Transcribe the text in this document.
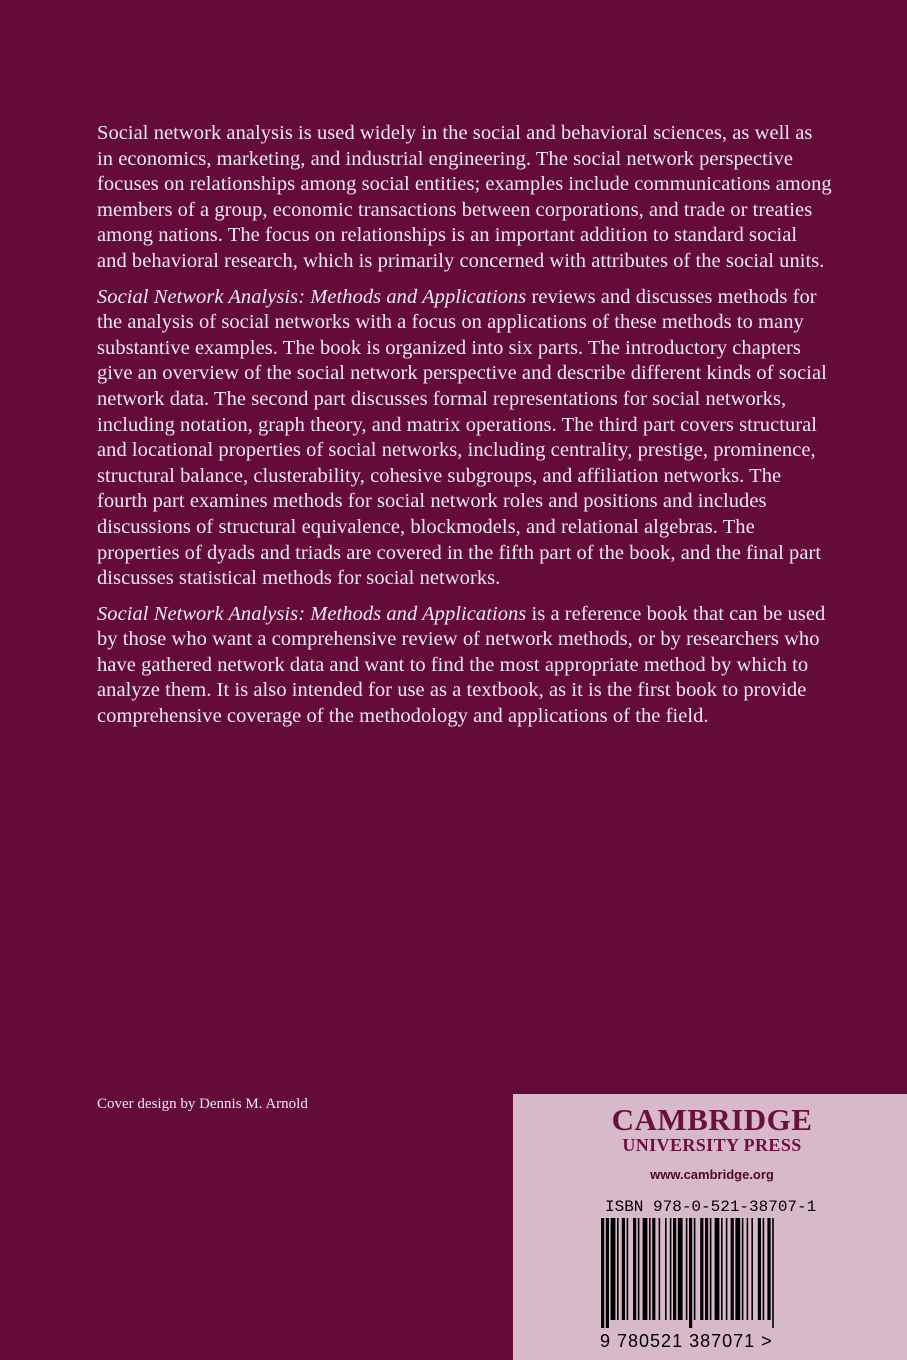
Social network analysis is used widely in the social and behavioral sciences, as well as in economics, marketing, and industrial engineering. The social network perspective focuses on relationships among social entities; examples include communications among members of a group, economic transactions between corporations, and trade or treaties among nations. The focus on relationships is an important addition to standard social and behavioral research, which is primarily concerned with attributes of the social units.

Social Network Analysis: Methods and Applications reviews and discusses methods for the analysis of social networks with a focus on applications of these methods to many substantive examples. The book is organized into six parts. The introductory chapters give an overview of the social network perspective and describe different kinds of social network data. The second part discusses formal representations for social networks, including notation, graph theory, and matrix operations. The third part covers structural and locational properties of social networks, including centrality, prestige, prominence, structural balance, clusterability, cohesive subgroups, and affiliation networks. The fourth part examines methods for social network roles and positions and includes discussions of structural equivalence, blockmodels, and relational algebras. The properties of dyads and triads are covered in the fifth part of the book, and the final part discusses statistical methods for social networks.

Social Network Analysis: Methods and Applications is a reference book that can be used by those who want a comprehensive review of network methods, or by researchers who have gathered network data and want to find the most appropriate method by which to analyze them. It is also intended for use as a textbook, as it is the first book to provide comprehensive coverage of the methodology and applications of the field.

Cover design by Dennis M. Arnold	CAMBRIDGE
UNIVERSITY PRESS
www.cambridge.org
ISBN 978-0-521-38707-1
9 780521 387071 >
